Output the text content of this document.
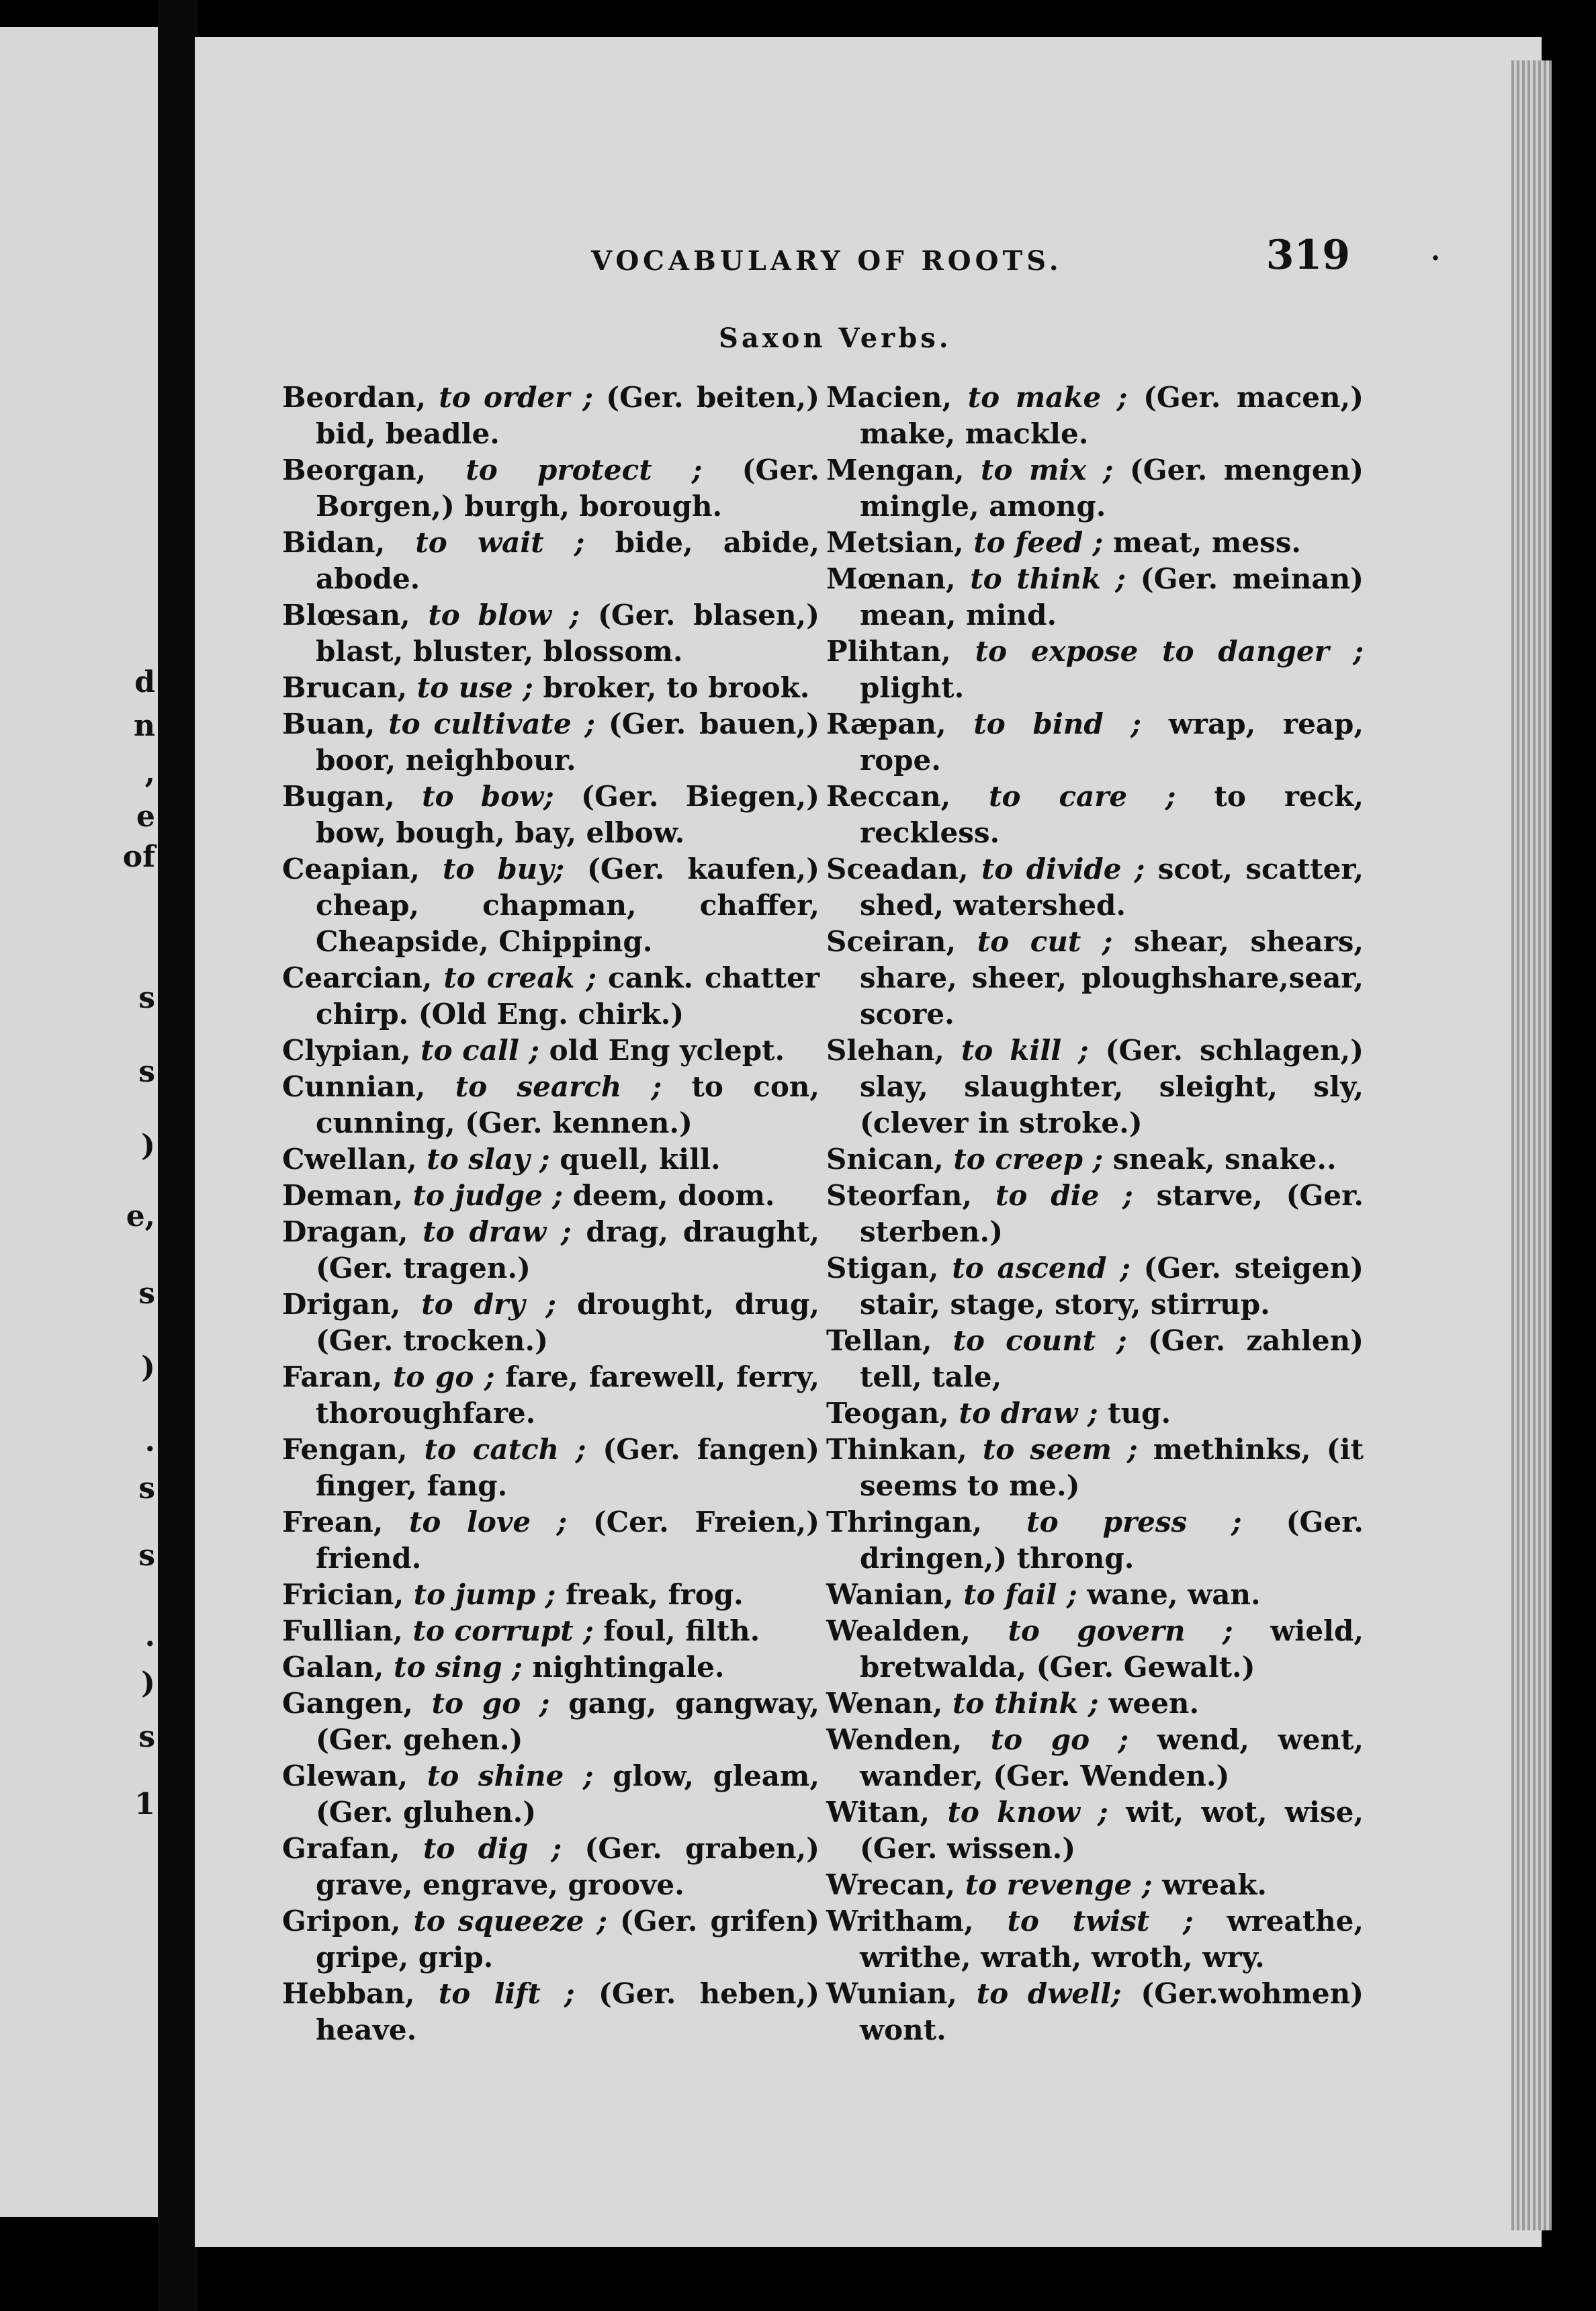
d
n
,
e
of
s
s
)
e,
s
)
.
s
s
.
)
s
1
VOCABULARY OF ROOTS.	·
319
Saxon Verbs.

Beordan, to order ; (Ger. beiten,) bid, beadle.

Beorgan, to protect ; (Ger. Borgen,) burgh, borough.

Bidan, to wait ; bide, abide, abode.

Blœsan, to blow ; (Ger. blasen,) blast, bluster, blossom.

Brucan, to use ; broker, to brook.

Buan, to cultivate ; (Ger. bauen,) boor, neighbour.

Bugan, to bow; (Ger. Biegen,) bow, bough, bay, elbow.

Ceapian, to buy; (Ger. kaufen,) cheap, chapman, chaffer, Cheapside, Chipping.

Cearcian, to creak ; cank. chatter chirp. (Old Eng. chirk.)

Clypian, to call ; old Eng yclept.

Cunnian, to search ; to con, cunning, (Ger. kennen.)

Cwellan, to slay ; quell, kill.

Deman, to judge ; deem, doom.

Dragan, to draw ; drag, draught, (Ger. tragen.)

Drigan, to dry ; drought, drug, (Ger. trocken.)

Faran, to go ; fare, farewell, ferry, thoroughfare.

Fengan, to catch ; (Ger. fangen) finger, fang.

Frean, to love ; (Cer. Freien,) friend.

Frician, to jump ; freak, frog.

Fullian, to corrupt ; foul, filth.

Galan, to sing ; nightingale.

Gangen, to go ; gang, gangway, (Ger. gehen.)

Glewan, to shine ; glow, gleam, (Ger. gluhen.)

Grafan, to dig ; (Ger. graben,) grave, engrave, groove.

Gripon, to squeeze ; (Ger. grifen) gripe, grip.

Hebban, to lift ; (Ger. heben,) heave.

Macien, to make ; (Ger. macen,) make, mackle.

Mengan, to mix ; (Ger. mengen) mingle, among.

Metsian, to feed ; meat, mess.

Mœnan, to think ; (Ger. meinan) mean, mind.

Plihtan, to expose to danger ; plight.

Ræpan, to bind ; wrap, reap, rope.

Reccan, to care ; to reck, reckless.

Sceadan, to divide ; scot, scatter, shed, watershed.

Sceiran, to cut ; shear, shears, share, sheer, ploughshare,sear, score.

Slehan, to kill ; (Ger. schlagen,) slay, slaughter, sleight, sly, (clever in stroke.)

Snican, to creep ; sneak, snake..

Steorfan, to die ; starve, (Ger. sterben.)

Stigan, to ascend ; (Ger. steigen) stair, stage, story, stirrup.

Tellan, to count ; (Ger. zahlen) tell, tale,

Teogan, to draw ; tug.

Thinkan, to seem ; methinks, (it seems to me.)

Thringan, to press ; (Ger. dringen,) throng.

Wanian, to fail ; wane, wan.

Wealden, to govern ; wield, bretwalda, (Ger. Gewalt.)

Wenan, to think ; ween.

Wenden, to go ; wend, went, wander, (Ger. Wenden.)

Witan, to know ; wit, wot, wise, (Ger. wissen.)

Wrecan, to revenge ; wreak.

Writham, to twist ; wreathe, writhe, wrath, wroth, wry.

Wunian, to dwell; (Ger.wohmen) wont.
